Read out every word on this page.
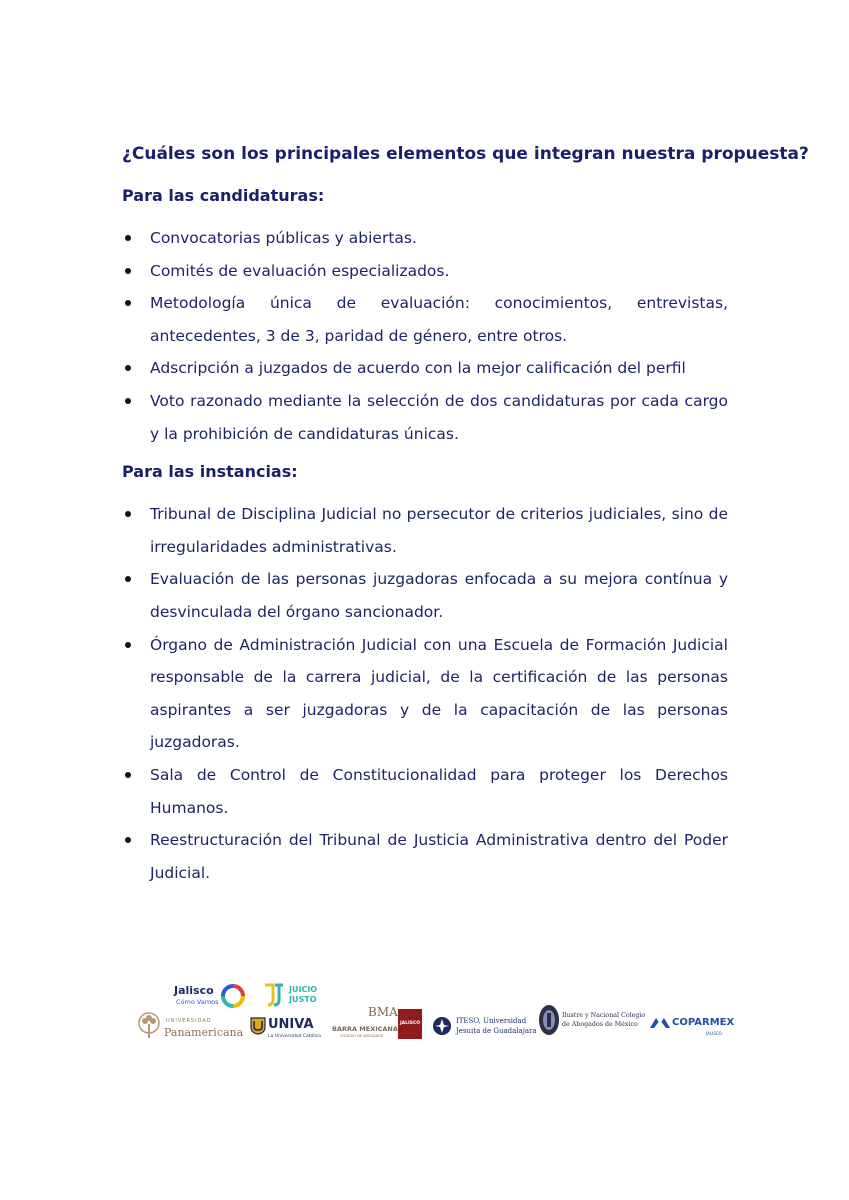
¿Cuáles son los principales elementos que integran nuestra propuesta?
Para las candidaturas:
Convocatorias públicas y abiertas.
Comités de evaluación especializados.
Metodología única de evaluación: conocimientos, entrevistas, antecedentes, 3 de 3, paridad de género, entre otros.
Adscripción a juzgados de acuerdo con la mejor calificación del perfil
Voto razonado mediante la selección de dos candidaturas por cada cargo y la prohibición de candidaturas únicas.
Para las instancias:
Tribunal de Disciplina Judicial no persecutor de criterios judiciales, sino de irregularidades administrativas.
Evaluación de las personas juzgadoras enfocada a su mejora contínua y desvinculada del órgano sancionador.
Órgano de Administración Judicial con una Escuela de Formación Judicial responsable de la carrera judicial, de la certificación de las personas aspirantes a ser juzgadoras y de la capacitación de las personas juzgadoras.
Sala de Control de Constitucionalidad para proteger los Derechos Humanos.
Reestructuración del Tribunal de Justicia Administrativa dentro del Poder Judicial.
Jalisco
Cómo Vamos
JUICIO
JUSTO
UNIVERSIDAD
Panamericana
UNIVA
La Universidad Católica
BMA
BARRA MEXICANA
COLEGIO DE ABOGADOS
JALISCO	ITESO, Universidad
Jesuita de Guadalajara
Ilustre y Nacional Colegio
de Abogados de México	COPARMEX
JALISCO
